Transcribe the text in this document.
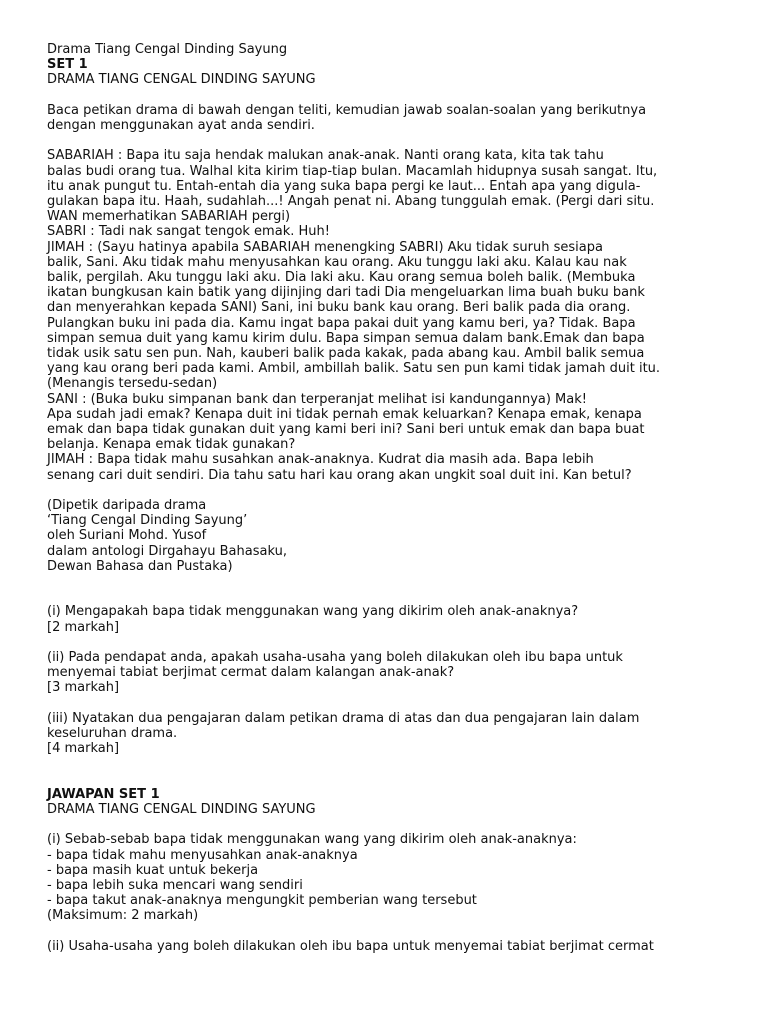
Drama Tiang Cengal Dinding Sayung
SET 1
DRAMA TIANG CENGAL DINDING SAYUNG
Baca petikan drama di bawah dengan teliti, kemudian jawab soalan-soalan yang berikutnya
dengan menggunakan ayat anda sendiri.
SABARIAH : Bapa itu saja hendak malukan anak-anak. Nanti orang kata, kita tak tahu
balas budi orang tua. Walhal kita kirim tiap-tiap bulan. Macamlah hidupnya susah sangat. Itu,
itu anak pungut tu. Entah-entah dia yang suka bapa pergi ke laut... Entah apa yang digula-
gulakan bapa itu. Haah, sudahlah...! Angah penat ni. Abang tunggulah emak. (Pergi dari situ.
WAN memerhatikan SABARIAH pergi)
SABRI : Tadi nak sangat tengok emak. Huh!
JIMAH : (Sayu hatinya apabila SABARIAH menengking SABRI) Aku tidak suruh sesiapa
balik, Sani. Aku tidak mahu menyusahkan kau orang. Aku tunggu laki aku. Kalau kau nak
balik, pergilah. Aku tunggu laki aku. Dia laki aku. Kau orang semua boleh balik. (Membuka
ikatan bungkusan kain batik yang dijinjing dari tadi Dia mengeluarkan lima buah buku bank
dan menyerahkan kepada SANI) Sani, ini buku bank kau orang. Beri balik pada dia orang.
Pulangkan buku ini pada dia. Kamu ingat bapa pakai duit yang kamu beri, ya? Tidak. Bapa
simpan semua duit yang kamu kirim dulu. Bapa simpan semua dalam bank.Emak dan bapa
tidak usik satu sen pun. Nah, kauberi balik pada kakak, pada abang kau. Ambil balik semua
yang kau orang beri pada kami. Ambil, ambillah balik. Satu sen pun kami tidak jamah duit itu.
(Menangis tersedu-sedan)
SANI : (Buka buku simpanan bank dan terperanjat melihat isi kandungannya) Mak!
Apa sudah jadi emak? Kenapa duit ini tidak pernah emak keluarkan? Kenapa emak, kenapa
emak dan bapa tidak gunakan duit yang kami beri ini? Sani beri untuk emak dan bapa buat
belanja. Kenapa emak tidak gunakan?
JIMAH : Bapa tidak mahu susahkan anak-anaknya. Kudrat dia masih ada. Bapa lebih
senang cari duit sendiri. Dia tahu satu hari kau orang akan ungkit soal duit ini. Kan betul?
(Dipetik daripada drama
‘Tiang Cengal Dinding Sayung’
oleh Suriani Mohd. Yusof
dalam antologi Dirgahayu Bahasaku,
Dewan Bahasa dan Pustaka)
(i) Mengapakah bapa tidak menggunakan wang yang dikirim oleh anak-anaknya?
[2 markah]
(ii) Pada pendapat anda, apakah usaha-usaha yang boleh dilakukan oleh ibu bapa untuk
menyemai tabiat berjimat cermat dalam kalangan anak-anak?
[3 markah]
(iii) Nyatakan dua pengajaran dalam petikan drama di atas dan dua pengajaran lain dalam
keseluruhan drama.
[4 markah]
JAWAPAN SET 1
DRAMA TIANG CENGAL DINDING SAYUNG
(i) Sebab-sebab bapa tidak menggunakan wang yang dikirim oleh anak-anaknya:
- bapa tidak mahu menyusahkan anak-anaknya
- bapa masih kuat untuk bekerja
- bapa lebih suka mencari wang sendiri
- bapa takut anak-anaknya mengungkit pemberian wang tersebut
(Maksimum: 2 markah)
(ii) Usaha-usaha yang boleh dilakukan oleh ibu bapa untuk menyemai tabiat berjimat cermat
